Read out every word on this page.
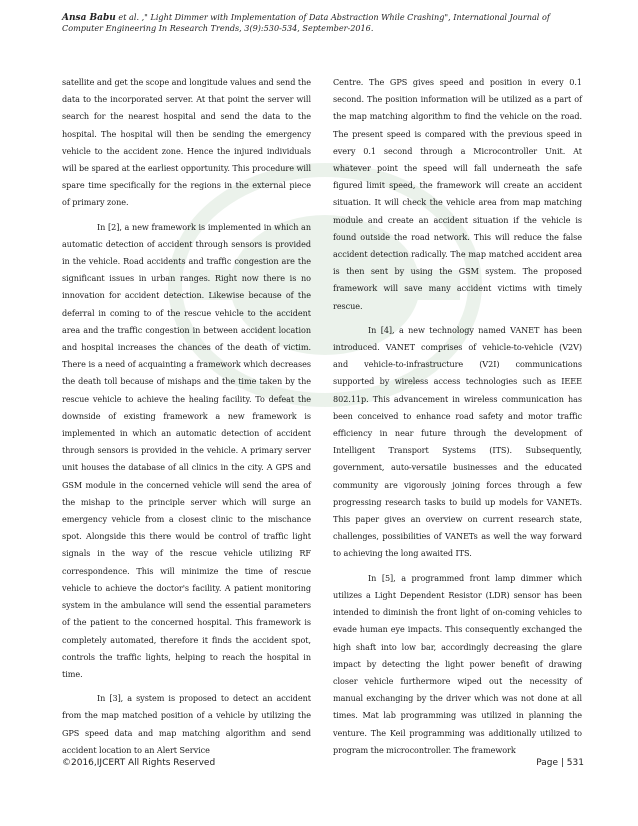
Ansa Babu et al. ," Light Dimmer with Implementation of Data Abstraction While Crashing", International Journal of Computer Engineering In Research Trends, 3(9):530-534, September-2016.

satellite and get the scope and longitude values and send the data to the incorporated server. At that point the server will search for the nearest hospital and send the data to the hospital. The hospital will then be sending the emergency vehicle to the accident zone. Hence the injured individuals will be spared at the earliest opportunity. This procedure will spare time specifically for the regions in the external piece of primary zone.

In [2], a new framework is implemented in which an automatic detection of accident through sensors is provided in the vehicle. Road accidents and traffic congestion are the significant issues in urban ranges. Right now there is no innovation for accident detection. Likewise because of the deferral in coming to of the rescue vehicle to the accident area and the traffic congestion in between accident location and hospital increases the chances of the death of victim. There is a need of acquainting a framework which decreases the death toll because of mishaps and the time taken by the rescue vehicle to achieve the healing facility. To defeat the downside of existing framework a new framework is implemented in which an automatic detection of accident through sensors is provided in the vehicle. A primary server unit houses the database of all clinics in the city. A GPS and GSM module in the concerned vehicle will send the area of the mishap to the principle server which will surge an emergency vehicle from a closest clinic to the mischance spot. Alongside this there would be control of traffic light signals in the way of the rescue vehicle utilizing RF correspondence. This will minimize the time of rescue vehicle to achieve the doctor's facility. A patient monitoring system in the ambulance will send the essential parameters of the patient to the concerned hospital. This framework is completely automated, therefore it finds the accident spot, controls the traffic lights, helping to reach the hospital in time.

In [3], a system is proposed to detect an accident from the map matched position of a vehicle by utilizing the GPS speed data and map matching algorithm and send accident location to an Alert Service

Centre. The GPS gives speed and position in every 0.1 second. The position information will be utilized as a part of the map matching algorithm to find the vehicle on the road. The present speed is compared with the previous speed in every 0.1 second through a Microcontroller Unit. At whatever point the speed will fall underneath the safe figured limit speed, the framework will create an accident situation. It will check the vehicle area from map matching module and create an accident situation if the vehicle is found outside the road network. This will reduce the false accident detection radically. The map matched accident area is then sent by using the GSM system. The proposed framework will save many accident victims with timely rescue.

In [4], a new technology named VANET has been introduced. VANET comprises of vehicle-to-vehicle (V2V) and vehicle-to-infrastructure (V2I) communications supported by wireless access technologies such as IEEE 802.11p. This advancement in wireless communication has been conceived to enhance road safety and motor traffic efficiency in near future through the development of Intelligent Transport Systems (ITS). Subsequently, government, auto-versatile businesses and the educated community are vigorously joining forces through a few progressing research tasks to build up models for VANETs. This paper gives an overview on current research state, challenges, possibilities of VANETs as well the way forward to achieving the long awaited ITS.

In [5], a programmed front lamp dimmer which utilizes a Light Dependent Resistor (LDR) sensor has been intended to diminish the front light of on-coming vehicles to evade human eye impacts. This consequently exchanged the high shaft into low bar, accordingly decreasing the glare impact by detecting the light power benefit of drawing closer vehicle furthermore wiped out the necessity of manual exchanging by the driver which was not done at all times. Mat lab programming was utilized in planning the venture. The Keil programming was additionally utilized to program the microcontroller. The framework

©2016,IJCERT All Rights Reserved	Page | 531
